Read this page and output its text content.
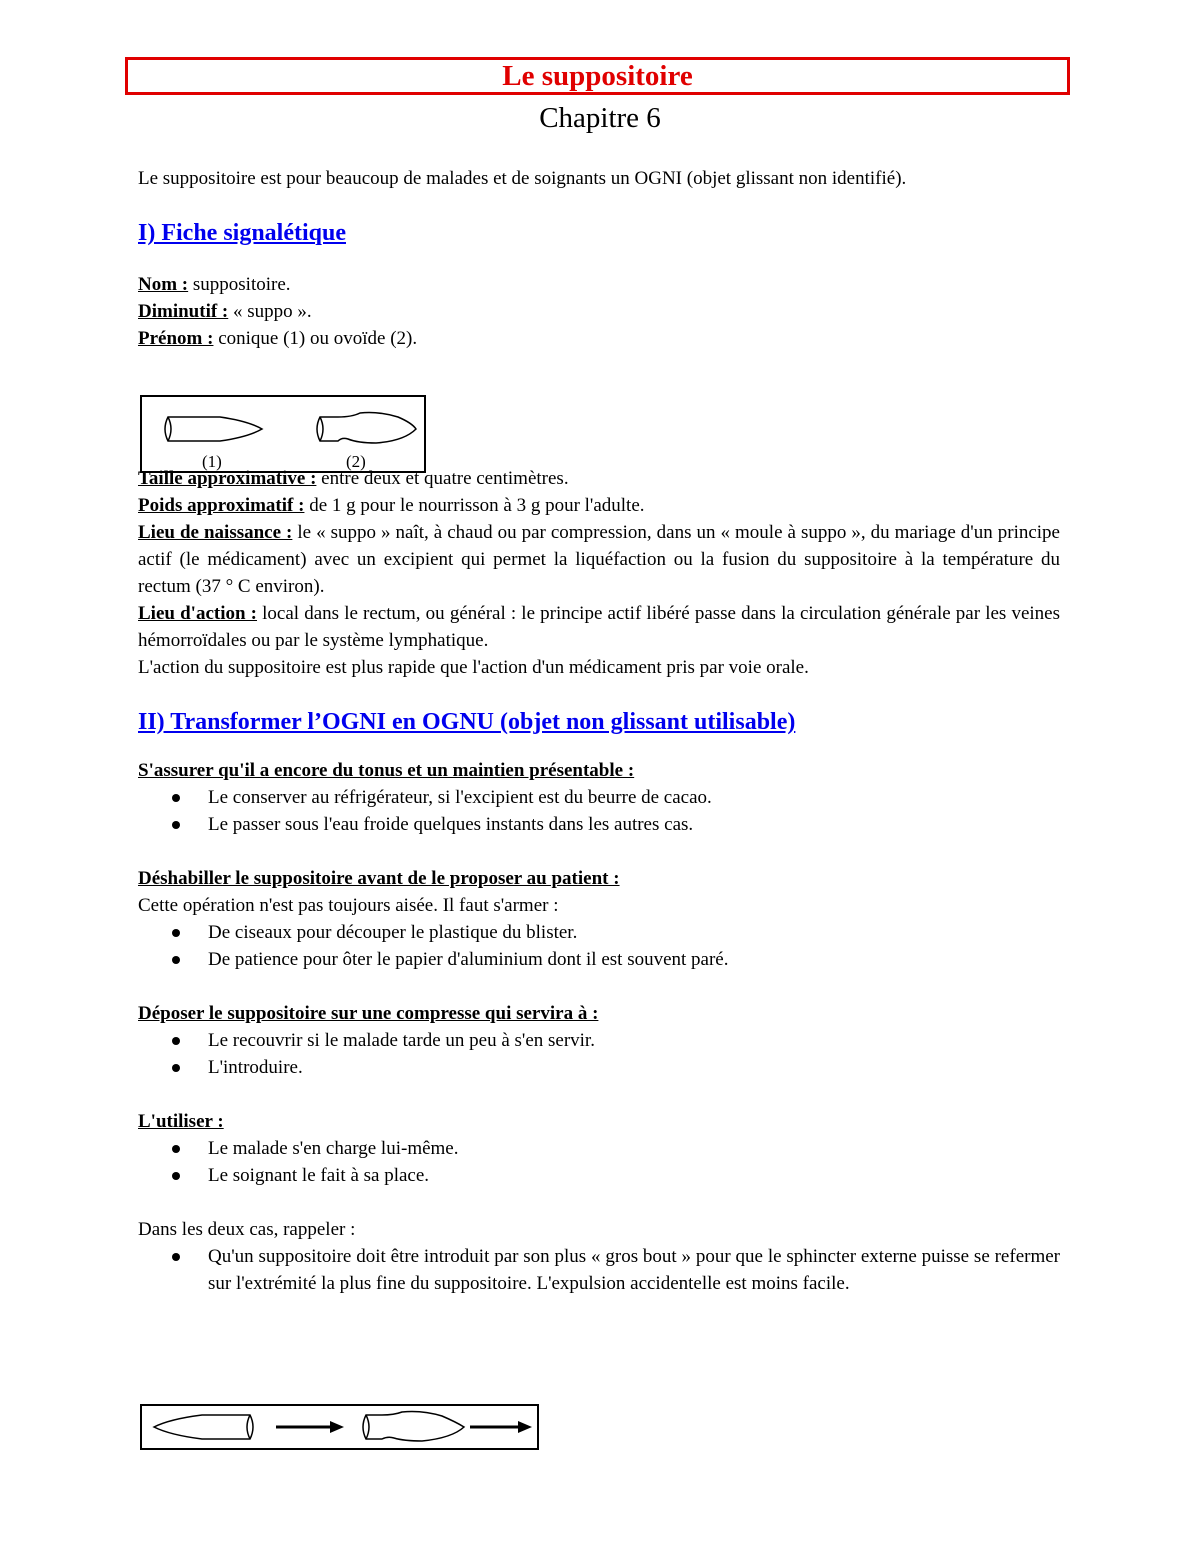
Le suppositoire
Chapitre 6

Le suppositoire est pour beaucoup de malades et de soignants un OGNI (objet glissant non identifié).

I) Fiche signalétique

Nom : suppositoire.

Diminutif : « suppo ».

Prénom : conique (1) ou ovoïde (2).

Taille approximative : entre deux et quatre centimètres.

Poids approximatif : de 1 g pour le nourrisson à 3 g pour l'adulte.

Lieu de naissance : le « suppo » naît, à chaud ou par compression, dans un « moule à suppo », du mariage d'un principe actif (le médicament) avec un excipient qui permet la liquéfaction ou la fusion du suppositoire à la température du rectum (37 ° C environ).

Lieu d'action : local dans le rectum, ou général : le principe actif libéré passe dans la circulation générale par les veines hémorroïdales ou par le système lymphatique.

L'action du suppositoire est plus rapide que l'action d'un médicament pris par voie orale.

II) Transformer l’OGNI en OGNU (objet non glissant utilisable)

S'assurer qu'il a encore du tonus et un maintien présentable :

Le conserver au réfrigérateur, si l'excipient est du beurre de cacao.
Le passer sous l'eau froide quelques instants dans les autres cas.

Déshabiller le suppositoire avant de le proposer au patient :

Cette opération n'est pas toujours aisée. Il faut s'armer :

De ciseaux pour découper le plastique du blister.
De patience pour ôter le papier d'aluminium dont il est souvent paré.

Déposer le suppositoire sur une compresse qui servira à :

Le recouvrir si le malade tarde un peu à s'en servir.
L'introduire.

L'utiliser :

Le malade s'en charge lui-même.
Le soignant le fait à sa place.

Dans les deux cas, rappeler :

Qu'un suppositoire doit être introduit par son plus « gros bout » pour que le sphincter externe puisse se refermer sur l'extrémité la plus fine du suppositoire. L'expulsion accidentelle est moins facile.
(1)	(2)
